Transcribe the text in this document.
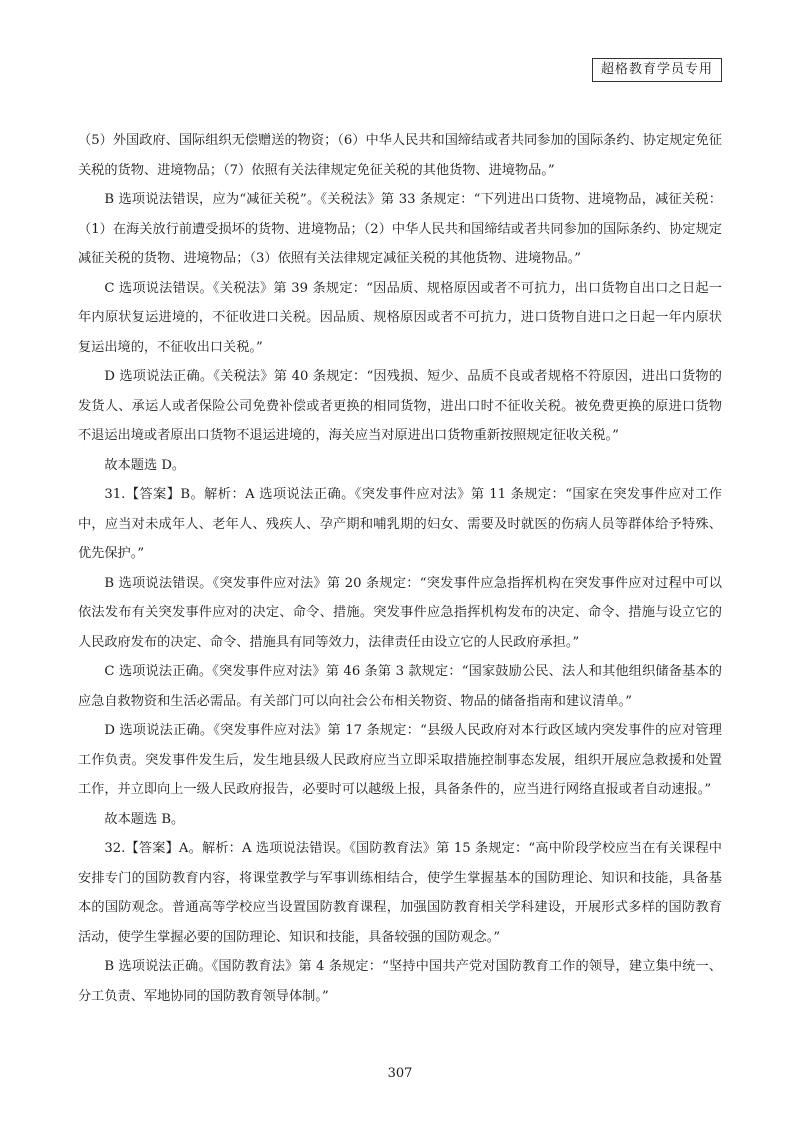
超格教育学员专用

（5）外国政府、国际组织无偿赠送的物资；（6）中华人民共和国缔结或者共同参加的国际条约、协定规定免征关税的货物、进境物品；（7）依照有关法律规定免征关税的其他货物、进境物品。”

B 选项说法错误，应为“减征关税”。《关税法》第 33 条规定：“下列进出口货物、进境物品，减征关税：（1）在海关放行前遭受损坏的货物、进境物品；（2）中华人民共和国缔结或者共同参加的国际条约、协定规定减征关税的货物、进境物品；（3）依照有关法律规定减征关税的其他货物、进境物品。”

C 选项说法错误。《关税法》第 39 条规定：“因品质、规格原因或者不可抗力，出口货物自出口之日起一年内原状复运进境的，不征收进口关税。因品质、规格原因或者不可抗力，进口货物自进口之日起一年内原状复运出境的，不征收出口关税。”

D 选项说法正确。《关税法》第 40 条规定：“因残损、短少、品质不良或者规格不符原因，进出口货物的发货人、承运人或者保险公司免费补偿或者更换的相同货物，进出口时不征收关税。被免费更换的原进口货物不退运出境或者原出口货物不退运进境的，海关应当对原进出口货物重新按照规定征收关税。”

故本题选 D。

31.【答案】B。解析：A 选项说法正确。《突发事件应对法》第 11 条规定：“国家在突发事件应对工作中，应当对未成年人、老年人、残疾人、孕产期和哺乳期的妇女、需要及时就医的伤病人员等群体给予特殊、优先保护。”

B 选项说法错误。《突发事件应对法》第 20 条规定：“突发事件应急指挥机构在突发事件应对过程中可以依法发布有关突发事件应对的决定、命令、措施。突发事件应急指挥机构发布的决定、命令、措施与设立它的人民政府发布的决定、命令、措施具有同等效力，法律责任由设立它的人民政府承担。”

C 选项说法正确。《突发事件应对法》第 46 条第 3 款规定：“国家鼓励公民、法人和其他组织储备基本的应急自救物资和生活必需品。有关部门可以向社会公布相关物资、物品的储备指南和建议清单。”

D 选项说法正确。《突发事件应对法》第 17 条规定：“县级人民政府对本行政区域内突发事件的应对管理工作负责。突发事件发生后，发生地县级人民政府应当立即采取措施控制事态发展，组织开展应急救援和处置工作，并立即向上一级人民政府报告，必要时可以越级上报，具备条件的，应当进行网络直报或者自动速报。”

故本题选 B。

32.【答案】A。解析：A 选项说法错误。《国防教育法》第 15 条规定：“高中阶段学校应当在有关课程中安排专门的国防教育内容，将课堂教学与军事训练相结合，使学生掌握基本的国防理论、知识和技能，具备基本的国防观念。普通高等学校应当设置国防教育课程，加强国防教育相关学科建设，开展形式多样的国防教育活动，使学生掌握必要的国防理论、知识和技能，具备较强的国防观念。”

B 选项说法正确。《国防教育法》第 4 条规定：“坚持中国共产党对国防教育工作的领导，建立集中统一、分工负责、军地协同的国防教育领导体制。”

307
